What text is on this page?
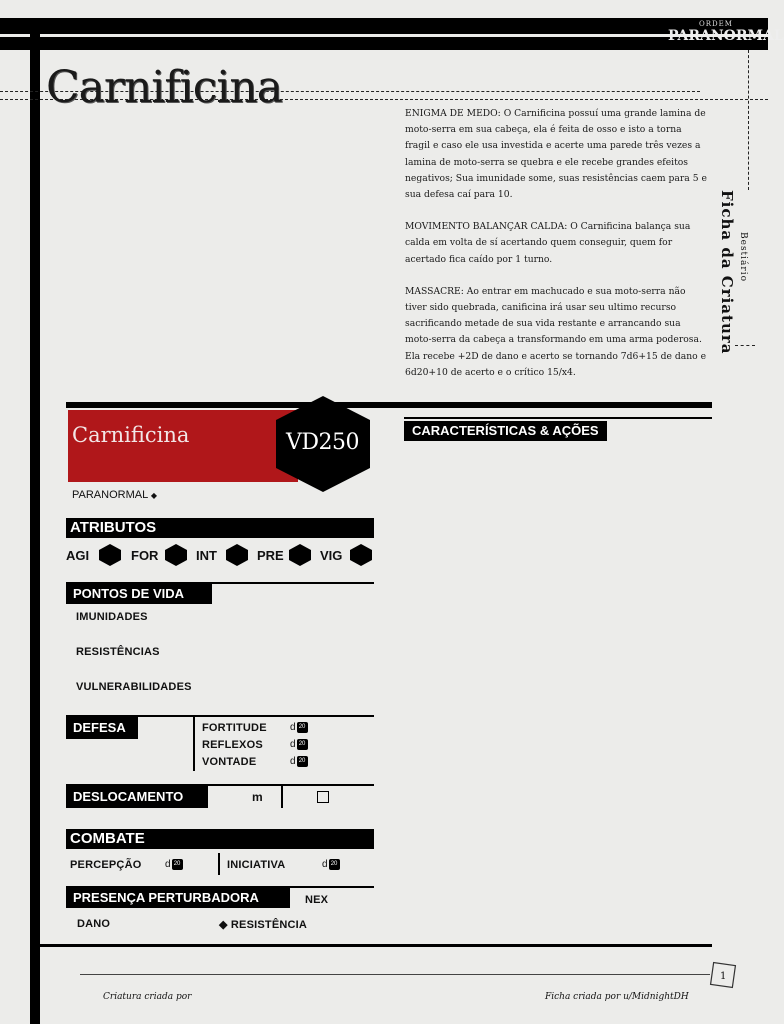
ORDEM
PARANORMAL
Carnificina
Ficha da Criatura Bestiário

ENIGMA DE MEDO: O Carnificina possuí uma grande lamina de moto-serra em sua cabeça, ela é feita de osso e isto a torna fragil e caso ele usa investida e acerte uma parede três vezes a lamina de moto-serra se quebra e ele recebe grandes efeitos negativos; Sua imunidade some, suas resistências caem para 5 e sua defesa caí para 10.

MOVIMENTO BALANÇAR CALDA: O Carnificina balança sua calda em volta de sí acertando quem conseguir, quem for acertado fica caído por 1 turno.

MASSACRE: Ao entrar em machucado e sua moto-serra não tiver sido quebrada, canificina irá usar seu ultimo recurso sacrificando metade de sua vida restante e arrancando sua moto-serra da cabeça a transformando em uma arma poderosa. Ela recebe +2D de dano e acerto se tornando 7d6+15 de dano e 6d20+10 de acerto e o crítico 15/x4.

Carnificina	VD250
PARANORMAL ◆
ATRIBUTOS
AGI	FOR	INT	PRE	VIG
PONTOS DE VIDA
IMUNIDADES
RESISTÊNCIAS
VULNERABILIDADES
DEFESA	FORTITUDE d 20
REFLEXOS	d 20
VONTADE	d 20
DESLOCAMENTO	m
COMBATE
PERCEPÇÃO d 20	INICIATIVA	d 20
PRESENÇA PERTURBADORA	NEX
DANO	◆ RESISTÊNCIA
CARACTERÍSTICAS & AÇÕES
1
Criatura criada por	Ficha criada por u/MidnightDH
